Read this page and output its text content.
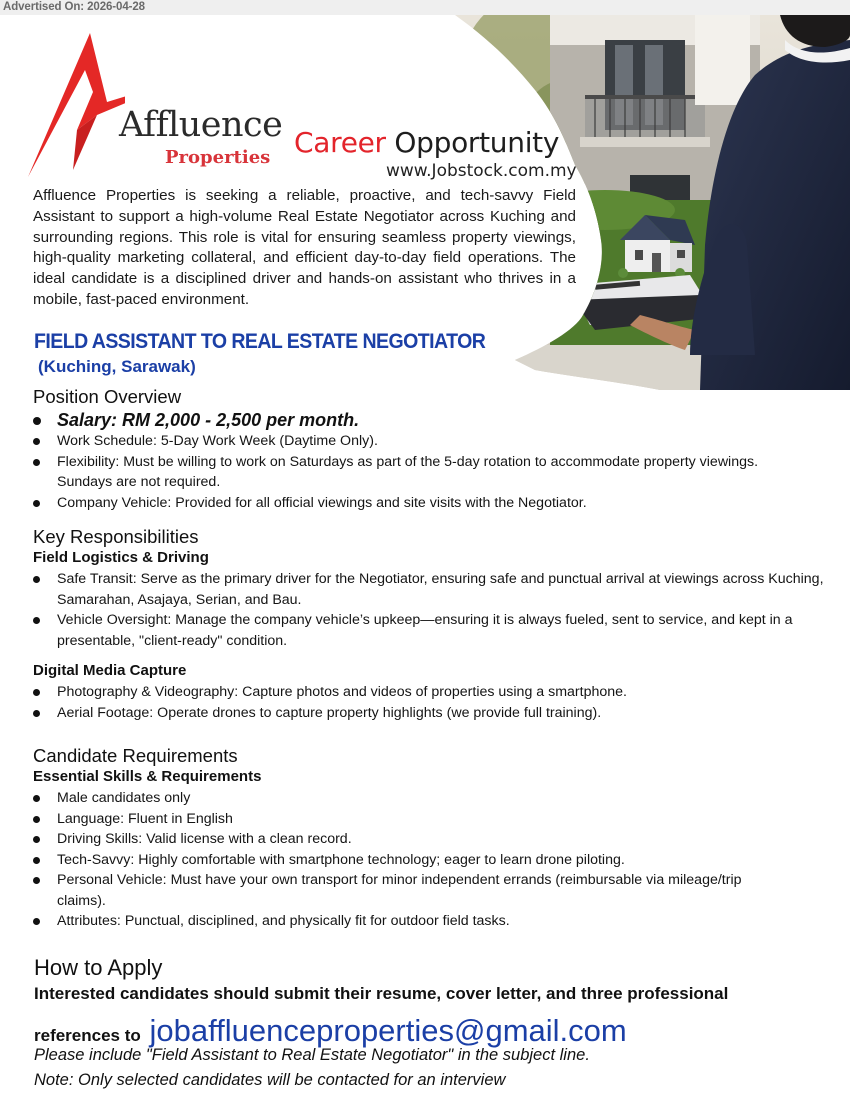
Advertised On: 2026-04-28
Affluence
Properties Career Opportunity
www.Jobstock.com.my

Affluence Properties is seeking a reliable, proactive, and tech-savvy Field Assistant to support a high-volume Real Estate Negotiator across Kuching and surrounding regions. This role is vital for ensuring seamless property viewings, high-quality marketing collateral, and efficient day-to-day field operations. The ideal candidate is a disciplined driver and hands-on assistant who thrives in a mobile, fast-paced environment.

FIELD ASSISTANT TO REAL ESTATE NEGOTIATOR
(Kuching, Sarawak)
Position Overview
Salary: RM 2,000 - 2,500 per month.
Work Schedule: 5-Day Work Week (Daytime Only).
Flexibility: Must be willing to work on Saturdays as part of the 5-day rotation to accommodate property viewings. Sundays are not required.
Company Vehicle: Provided for all official viewings and site visits with the Negotiator.
Key Responsibilities
Field Logistics & Driving
Safe Transit: Serve as the primary driver for the Negotiator, ensuring safe and punctual arrival at viewings across Kuching, Samarahan, Asajaya, Serian, and Bau.
Vehicle Oversight: Manage the company vehicle’s upkeep—ensuring it is always fueled, sent to service, and kept in a presentable, "client-ready" condition.
Digital Media Capture
Photography & Videography: Capture photos and videos of properties using a smartphone.
Aerial Footage: Operate drones to capture property highlights (we provide full training).
Candidate Requirements
Essential Skills & Requirements
Male candidates only
Language: Fluent in English
Driving Skills: Valid license with a clean record.
Tech-Savvy: Highly comfortable with smartphone technology; eager to learn drone piloting.
Personal Vehicle: Must have your own transport for minor independent errands (reimbursable via mileage/trip claims).
Attributes: Punctual, disciplined, and physically fit for outdoor field tasks.
How to Apply
Interested candidates should submit their resume, cover letter, and three professional
references to jobaffluenceproperties@gmail.com
Please include "Field Assistant to Real Estate Negotiator" in the subject line.
Note: Only selected candidates will be contacted for an interview
